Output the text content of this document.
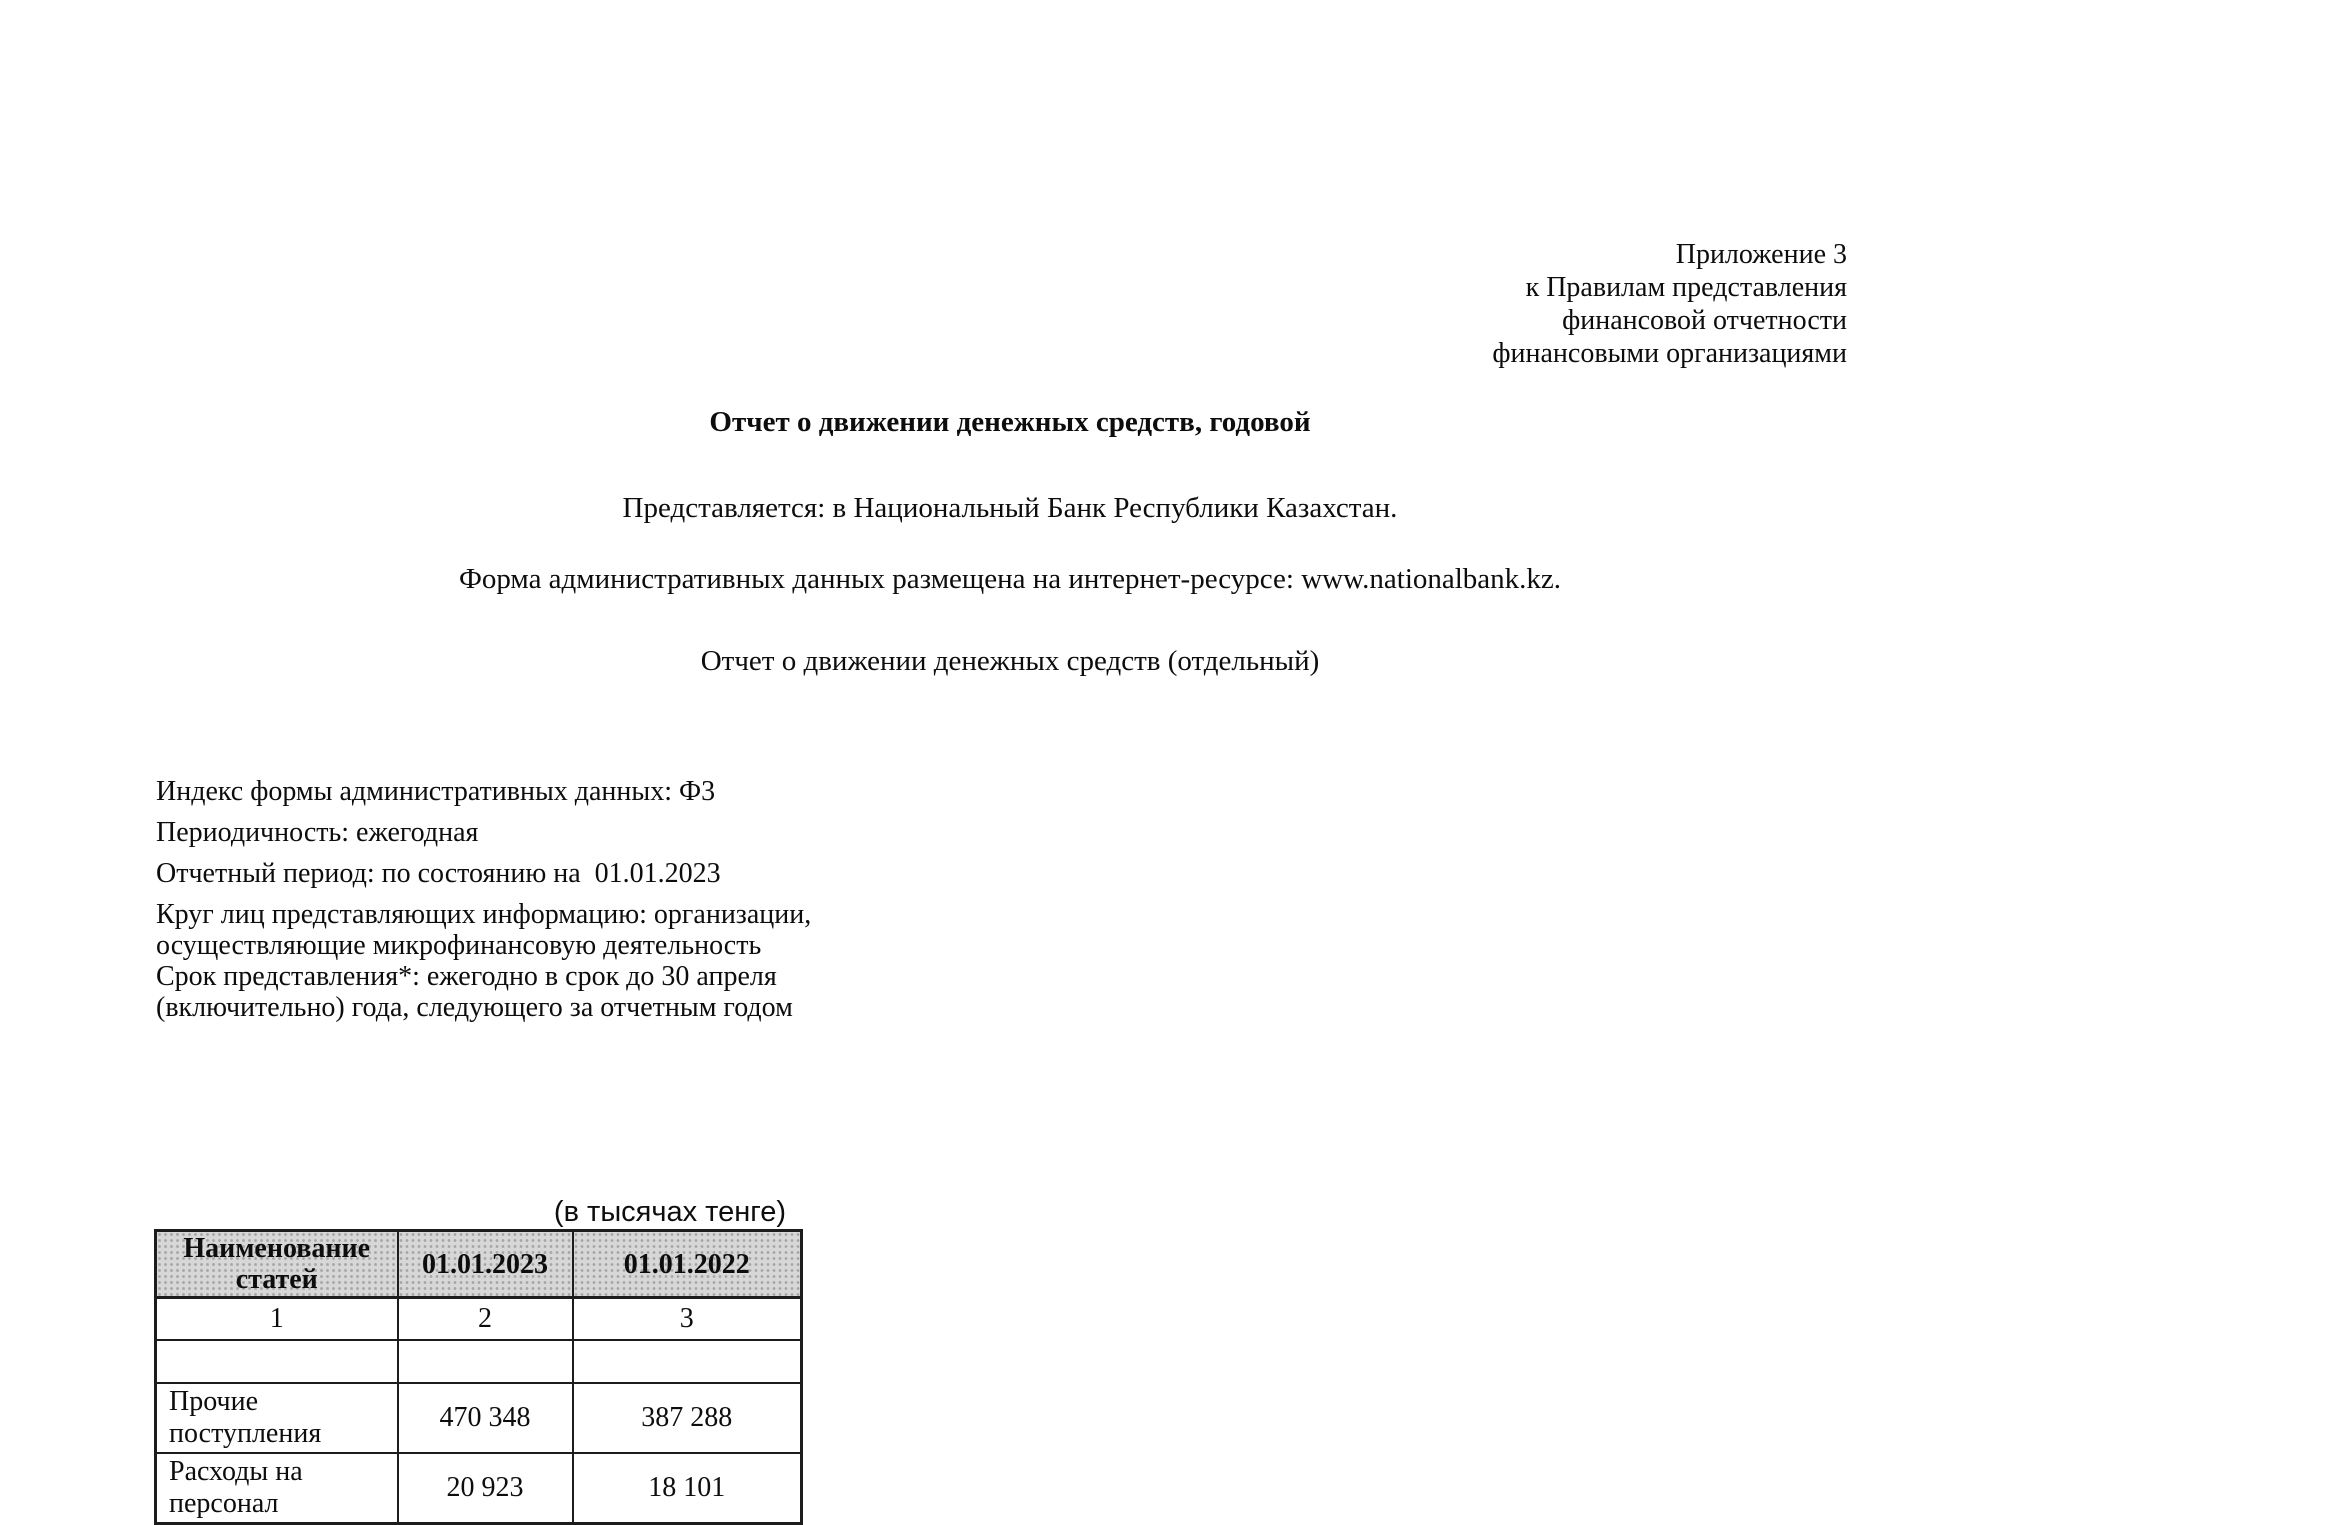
Приложение 3
к Правилам представления
финансовой отчетности
финансовыми организациями
Отчет о движении денежных средств, годовой
Представляется: в Национальный Банк Республики Казахстан.
Форма административных данных размещена на интернет-ресурсе: www.nationalbank.kz.
Отчет о движении денежных средств (отдельный)
Индекс формы административных данных: Ф3
Периодичность: ежегодная
Отчетный период: по состоянию на  01.01.2023
Круг лиц представляющих информацию: организации,
осуществляющие микрофинансовую деятельность
Срок представления*: ежегодно в срок до 30 апреля
(включительно) года, следующего за отчетным годом
(в тысячах тенге)
Наименование статей	01.01.2023	01.01.2022
1	2	3

Прочие поступления	470 348	387 288
Расходы на персонал	20 923	18 101
